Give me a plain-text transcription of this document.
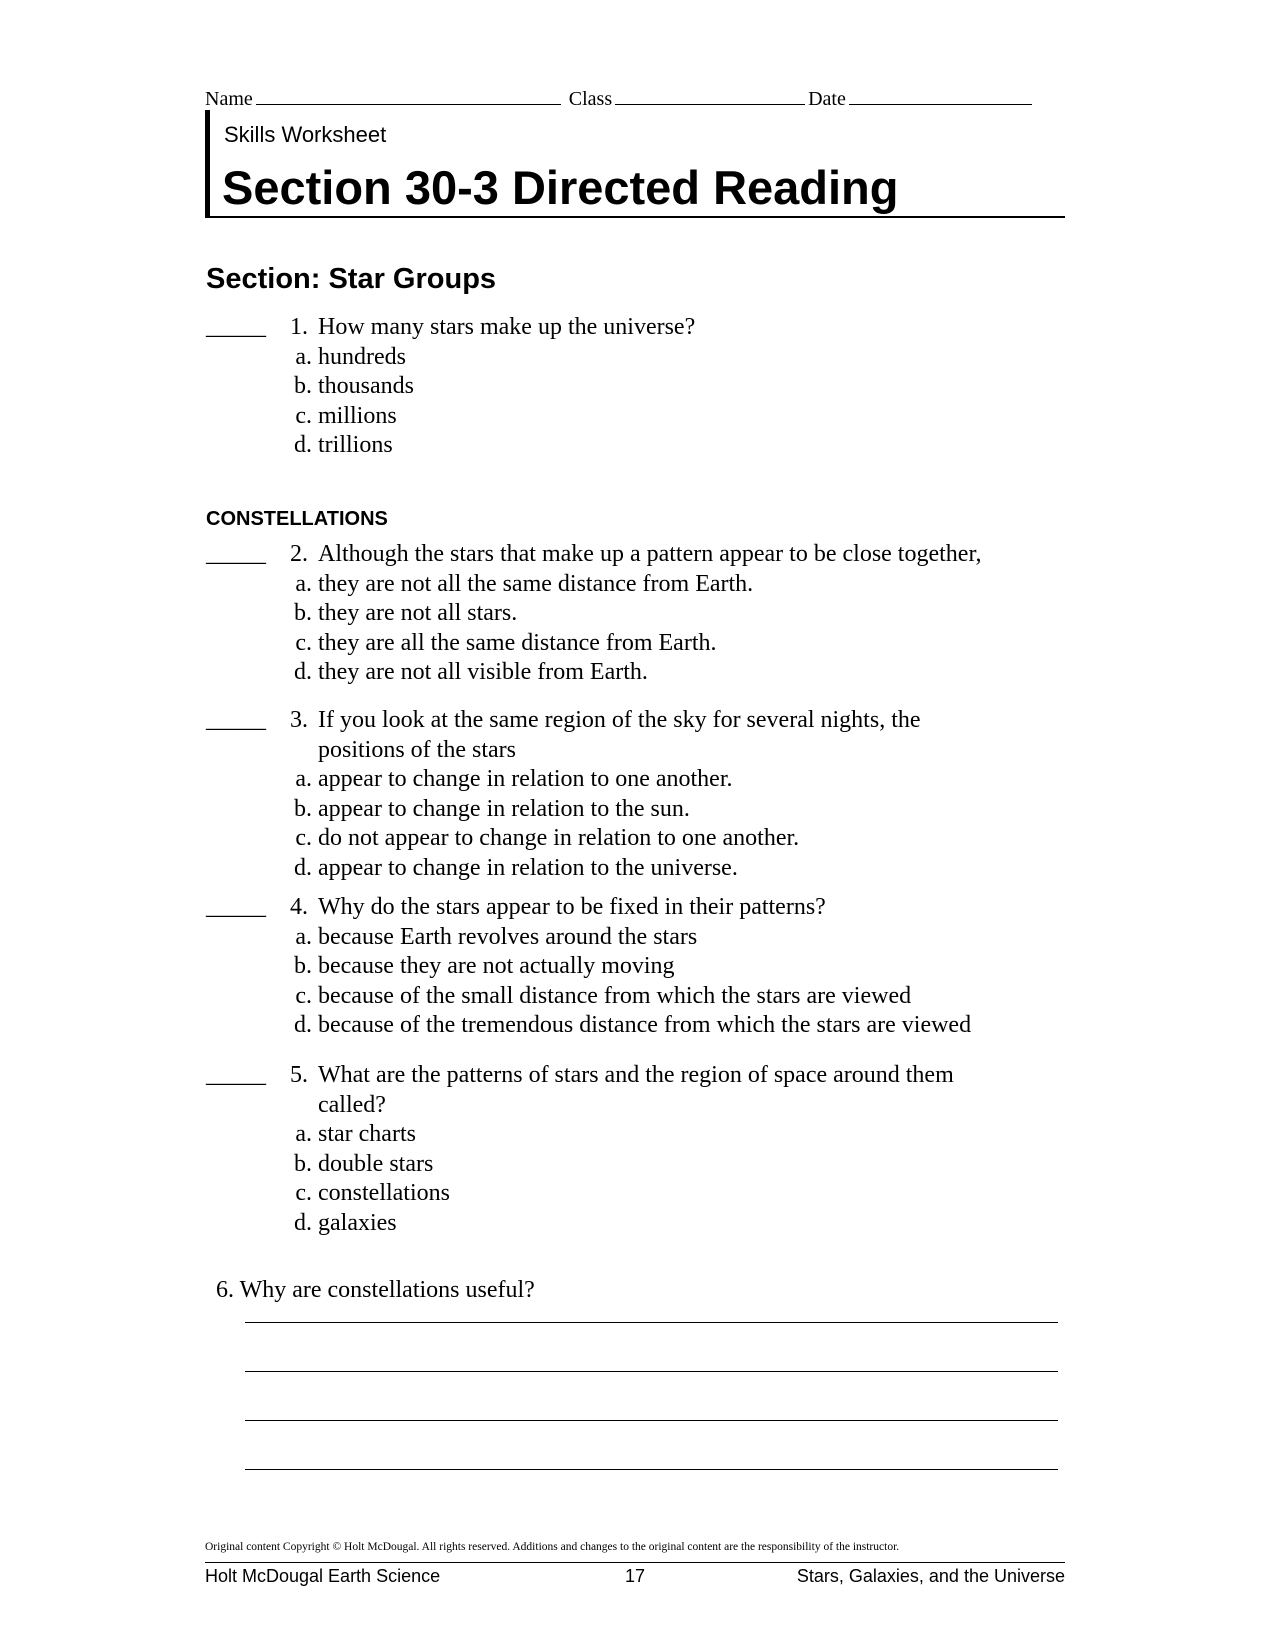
Name	Class	Date
Skills Worksheet
Section 30-3 Directed Reading
Section: Star Groups
_____ 1. How many stars make up the universe?
a. hundreds
b. thousands
c. millions
d. trillions
_____ 2. Although the stars that make up a pattern appear to be close together,
a. they are not all the same distance from Earth.
b. they are not all stars.
c. they are all the same distance from Earth.
d. they are not all visible from Earth.
_____ 3. If you look at the same region of the sky for several nights, the
positions of the stars
a. appear to change in relation to one another.
b. appear to change in relation to the sun.
c. do not appear to change in relation to one another.
d. appear to change in relation to the universe.
_____ 4. Why do the stars appear to be fixed in their patterns?
a. because Earth revolves around the stars
b. because they are not actually moving
c. because of the small distance from which the stars are viewed
d. because of the tremendous distance from which the stars are viewed
_____ 5. What are the patterns of stars and the region of space around them
called?
a. star charts
b. double stars
c. constellations
d. galaxies
CONSTELLATIONS
6. Why are constellations useful?
Original content Copyright © Holt McDougal. All rights reserved. Additions and changes to the original content are the responsibility of the instructor.
Holt McDougal Earth Science	17	Stars, Galaxies, and the Universe
